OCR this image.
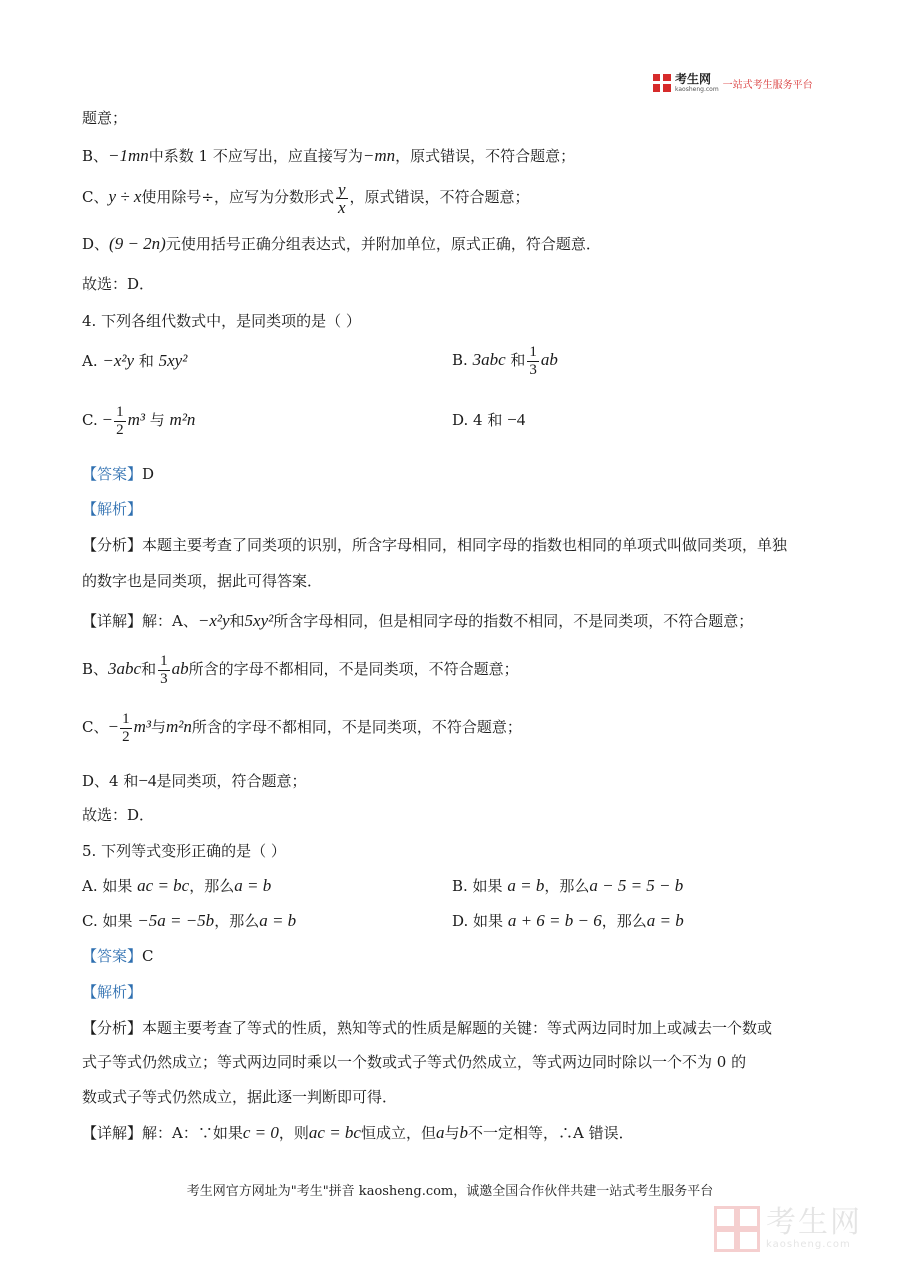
考生网
kaosheng.com 一站式考生服务平台
题意；
B、−1mn中系数 1 不应写出，应直接写为−mn，原式错误，不符合题意；
C、y ÷ x使用除号÷，应写为分数形式 $\frac{y}{x}$ ，原式错误，不符合题意；
D、(9 − 2n)元使用括号正确分组表达式，并附加单位，原式正确，符合题意．
故选：D．
4. 下列各组代数式中，是同类项的是（ ）
A. −x²y 和 5xy²	B. 3abc 和 $\frac{1}{3}$ ab
C. − $\frac{1}{2} m^3$ 与 m²n	D. 4 和 −4
【答案】D
【解析】
【分析】本题主要考查了同类项的识别，所含字母相同，相同字母的指数也相同的单项式叫做同类项，单独
的数字也是同类项，据此可得答案．
【详解】解：A、−x²y和5xy²所含字母相同，但是相同字母的指数不相同，不是同类项，不符合题意；
B、3abc和 $\frac{1}{3}$ ab所含的字母不都相同，不是同类项，不符合题意；
C、− $\frac{1}{2} m^3$与m²n所含的字母不都相同，不是同类项，不符合题意；
D、4 和−4是同类项，符合题意；
故选：D．
5. 下列等式变形正确的是（ ）
A. 如果 ac = bc，那么a = b	B. 如果 a = b，那么a − 5 = 5 − b
C. 如果 −5a = −5b，那么a = b	D. 如果 a + 6 = b − 6，那么a = b
【答案】C
【解析】
【分析】本题主要考查了等式的性质，熟知等式的性质是解题的关键：等式两边同时加上或减去一个数或
式子等式仍然成立；等式两边同时乘以一个数或式子等式仍然成立，等式两边同时除以一个不为 0 的
数或式子等式仍然成立，据此逐一判断即可得．
【详解】解：A：∵如果c = 0，则ac = bc恒成立，但a与b不一定相等，∴A 错误．
考生网官方网址为"考生"拼音 kaosheng.com，诚邀全国合作伙伴共建一站式考生服务平台
考生网
kaosheng.com
